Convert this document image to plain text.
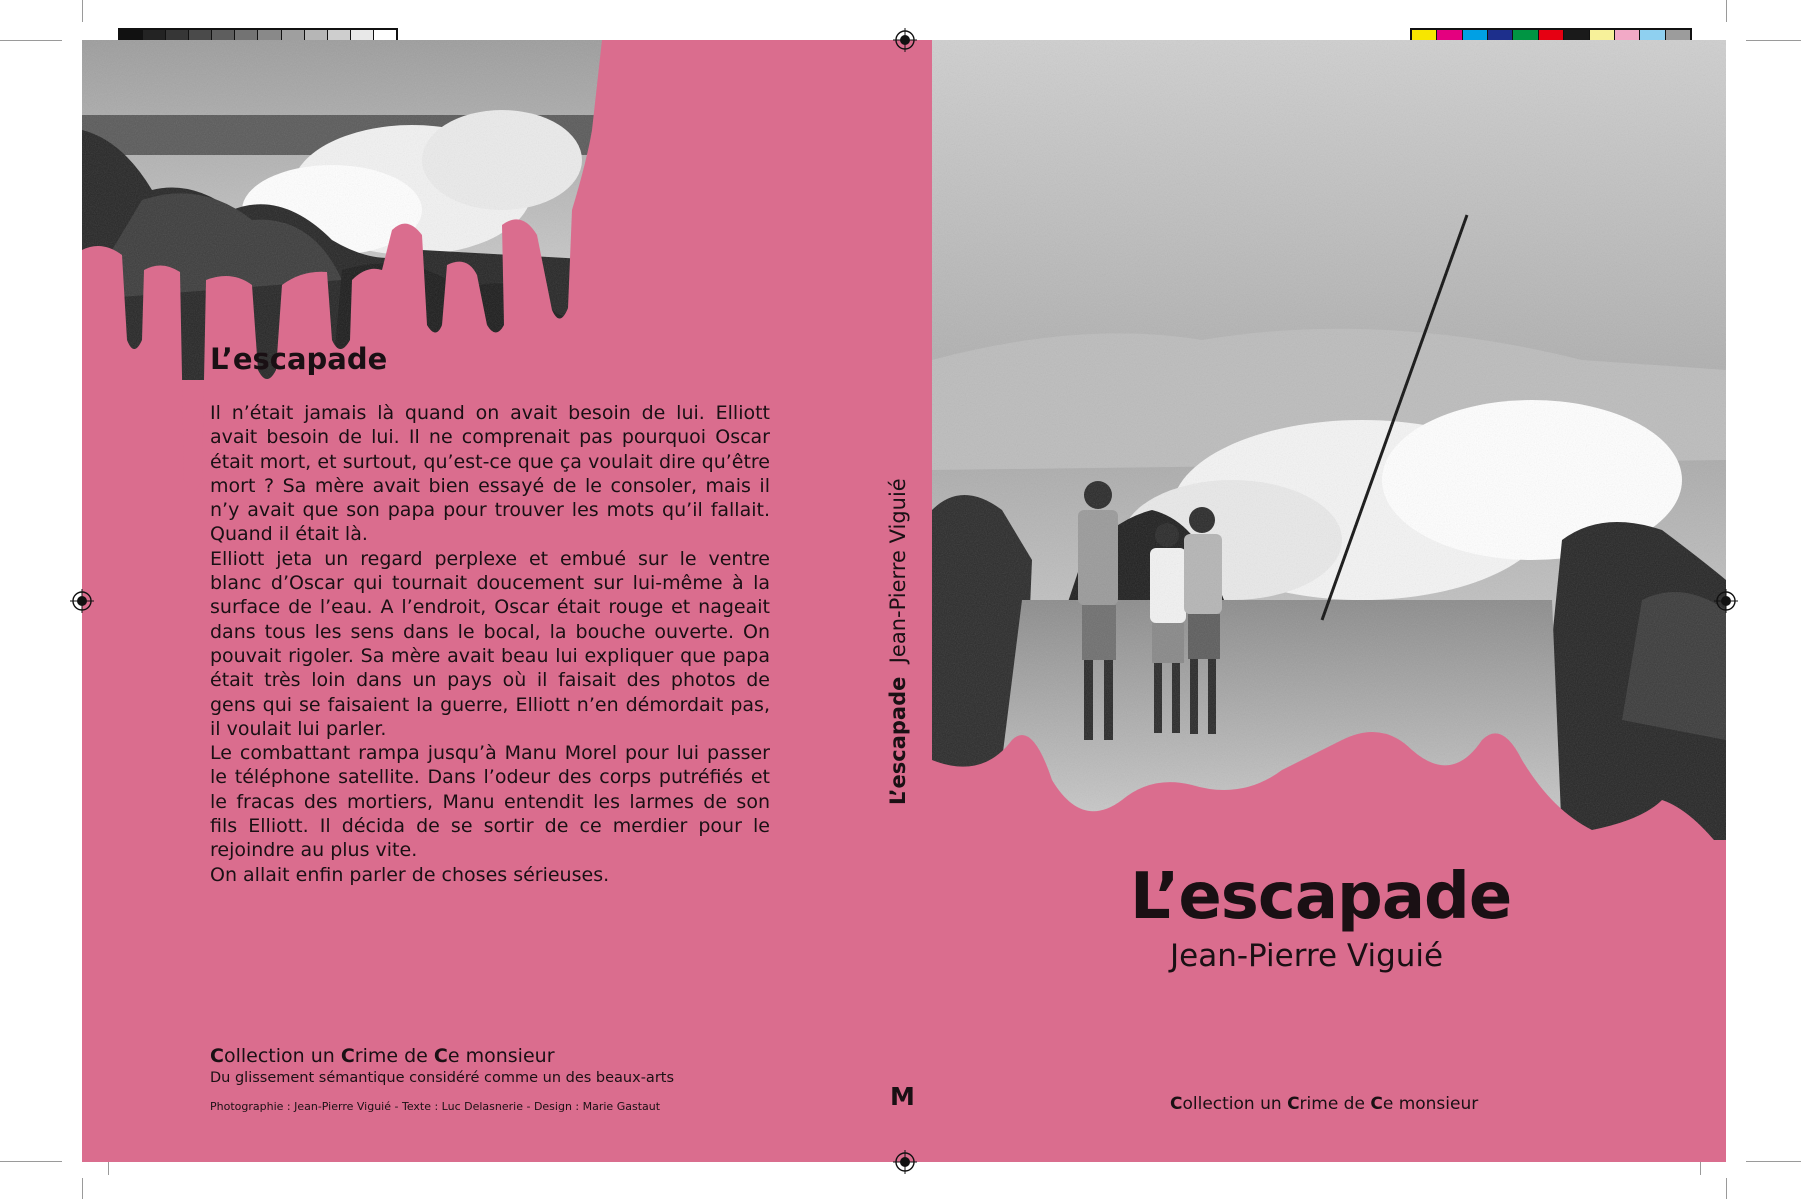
L’escapade

Il n’était jamais là quand on avait besoin de lui. Elliott avait besoin de lui. Il ne comprenait pas pourquoi Oscar était mort, et surtout, qu’est-ce que ça voulait dire qu’être mort ? Sa mère avait bien essayé de le consoler, mais il n’y avait que son papa pour trouver les mots qu’il fallait. Quand il était là.

Elliott jeta un regard perplexe et embué sur le ventre blanc d’Oscar qui tournait doucement sur lui-même à la surface de l’eau. A l’endroit, Oscar était rouge et nageait dans tous les sens dans le bocal, la bouche ouverte. On pouvait rigoler. Sa mère avait beau lui expliquer que papa était très loin dans un pays où il faisait des photos de gens qui se faisaient la guerre, Elliott n’en démordait pas, il voulait lui parler.

Le combattant rampa jusqu’à Manu Morel pour lui passer le téléphone satellite. Dans l’odeur des corps putréfiés et le fracas des mortiers, Manu entendit les larmes de son fils Elliott. Il décida de se sortir de ce merdier pour le rejoindre au plus vite.

On allait enfin parler de choses sérieuses.

Collection un Crime de Ce monsieur
Du glissement sémantique considéré comme un des beaux-arts
Photographie : Jean-Pierre Viguié - Texte : Luc Delasnerie - Design : Marie Gastaut
L’escapade  Jean-Pierre Viguié
M
L’escapade
Jean-Pierre Viguié
Collection un Crime de Ce monsieur
